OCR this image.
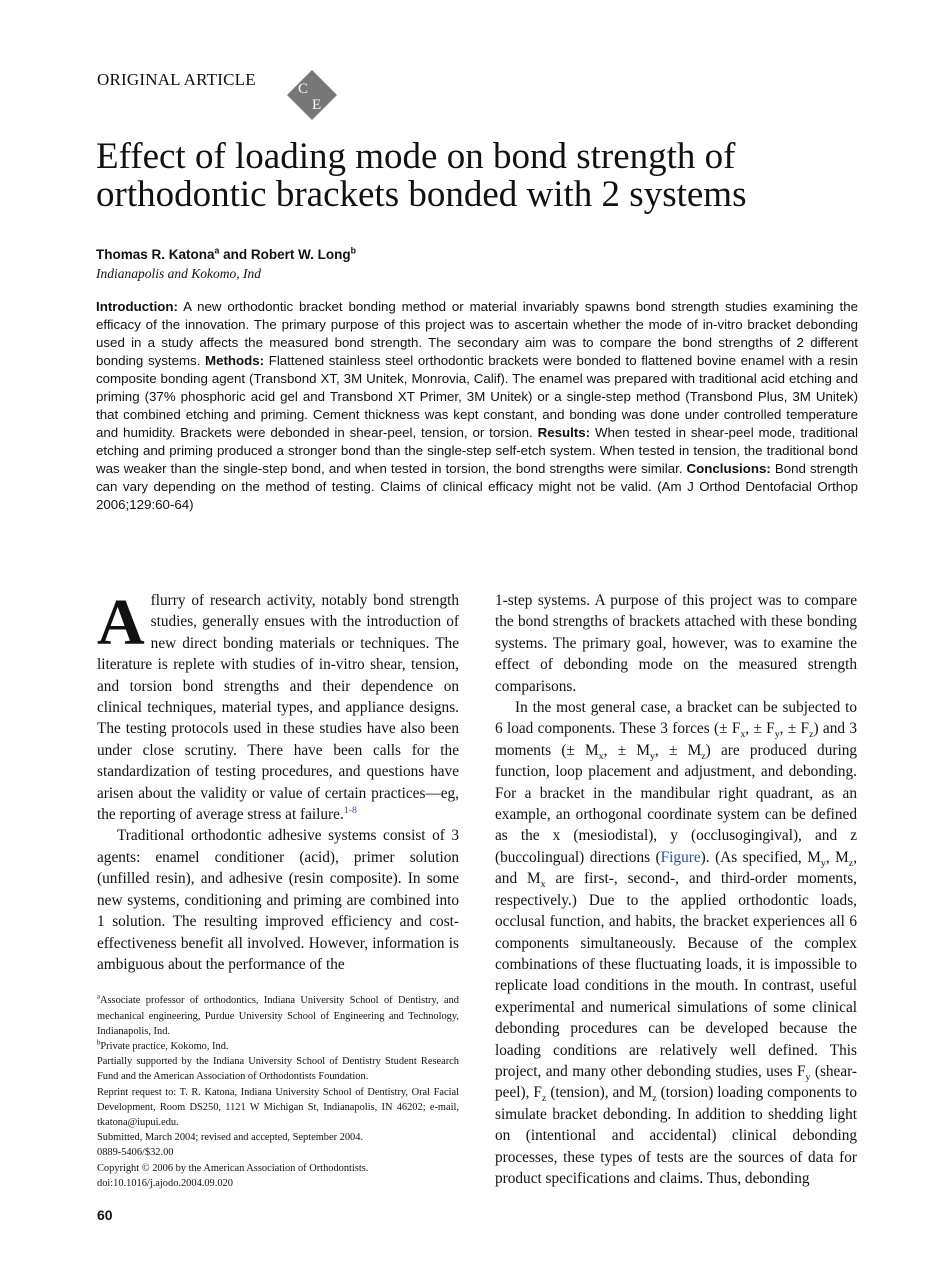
ORIGINAL ARTICLE	C
E
Effect of loading mode on bond strength of orthodontic brackets bonded with 2 systems
Thomas R. Katona$^a$ and Robert W. Long$^b$
Indianapolis and Kokomo, Ind
Introduction: A new orthodontic bracket bonding method or material invariably spawns bond strength studies examining the efficacy of the innovation. The primary purpose of this project was to ascertain whether the mode of in-vitro bracket debonding used in a study affects the measured bond strength. The secondary aim was to compare the bond strengths of 2 different bonding systems. Methods: Flattened stainless steel orthodontic brackets were bonded to flattened bovine enamel with a resin composite bonding agent (Transbond XT, 3M Unitek, Monrovia, Calif). The enamel was prepared with traditional acid etching and priming (37% phosphoric acid gel and Transbond XT Primer, 3M Unitek) or a single-step method (Transbond Plus, 3M Unitek) that combined etching and priming. Cement thickness was kept constant, and bonding was done under controlled temperature and humidity. Brackets were debonded in shear-peel, tension, or torsion. Results: When tested in shear-peel mode, traditional etching and priming produced a stronger bond than the single-step self-etch system. When tested in tension, the traditional bond was weaker than the single-step bond, and when tested in torsion, the bond strengths were similar. Conclusions: Bond strength can vary depending on the method of testing. Claims of clinical efficacy might not be valid. (Am J Orthod Dentofacial Orthop 2006;129:60-64)

Aflurry of research activity, notably bond strength studies, generally ensues with the introduction of new direct bonding materials or techniques. The literature is replete with studies of in-vitro shear, tension, and torsion bond strengths and their dependence on clinical techniques, material types, and appliance designs. The testing protocols used in these studies have also been under close scrutiny. There have been calls for the standardization of testing procedures, and questions have arisen about the validity or value of certain practices—eg, the reporting of average stress at failure.$^{1-8}$

Traditional orthodontic adhesive systems consist of 3 agents: enamel conditioner (acid), primer solution (unfilled resin), and adhesive (resin composite). In some new systems, conditioning and priming are combined into 1 solution. The resulting improved efficiency and cost-effectiveness benefit all involved. However, information is ambiguous about the performance of the

$^a$Associate professor of orthodontics, Indiana University School of Dentistry, and mechanical engineering, Purdue University School of Engineering and Technology, Indianapolis, Ind.
$^b$Private practice, Kokomo, Ind.
Partially supported by the Indiana University School of Dentistry Student Research Fund and the American Association of Orthodontists Foundation.
Reprint request to: T. R. Katona, Indiana University School of Dentistry, Oral Facial Development, Room DS250, 1121 W Michigan St, Indianapolis, IN 46202; e-mail, tkatona@iupui.edu.
Submitted, March 2004; revised and accepted, September 2004.
0889-5406/$32.00
Copyright © 2006 by the American Association of Orthodontists.
doi:10.1016/j.ajodo.2004.09.020
60

1-step systems. A purpose of this project was to compare the bond strengths of brackets attached with these bonding systems. The primary goal, however, was to examine the effect of debonding mode on the measured strength comparisons.

In the most general case, a bracket can be subjected to 6 load components. These 3 forces (± $F_x$, ± $F_y$, ± $F_z$) and 3 moments (± $M_x$, ± $M_y$, ± $M_z$) are produced during function, loop placement and adjustment, and debonding. For a bracket in the mandibular right quadrant, as an example, an orthogonal coordinate system can be defined as the x (mesiodistal), y (occlusogingival), and z (buccolingual) directions (Figure). (As specified, $M_y$, $M_z$, and $M_x$ are first-, second-, and third-order moments, respectively.) Due to the applied orthodontic loads, occlusal function, and habits, the bracket experiences all 6 components simultaneously. Because of the complex combinations of these fluctuating loads, it is impossible to replicate load conditions in the mouth. In contrast, useful experimental and numerical simulations of some clinical debonding procedures can be developed because the loading conditions are relatively well defined. This project, and many other debonding studies, uses $F_y$ (shear-peel), $F_z$ (tension), and $M_z$ (torsion) loading components to simulate bracket debonding. In addition to shedding light on (intentional and accidental) clinical debonding processes, these types of tests are the sources of data for product specifications and claims. Thus, debonding
